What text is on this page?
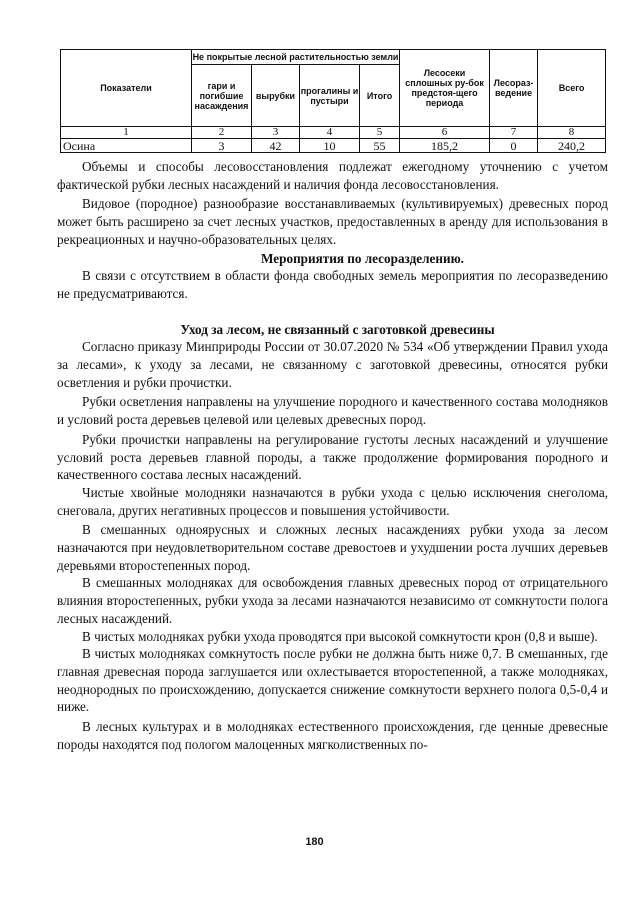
Показатели	Не покрытые лесной растительностью земли				Лесосеки сплошных ру-бок предстоя-щего периода	Лесораз-ведение	Всего
	гари и погибшие насаждения	вырубки	прогалины и пустыри	Итого			
1	2	3	4	5	6	7	8
Осина	3	42	10	55	185,2	0	240,2

Объемы и способы лесовосстановления подлежат ежегодному уточнению с учетом фактической рубки лесных насаждений и наличия фонда лесовосстановления.

Видовое (породное) разнообразие восстанавливаемых (культивируемых) древесных пород может быть расширено за счет лесных участков, предоставленных в аренду для использования в рекреационных и научно-образовательных целях.

Мероприятия по лесоразделению.

В связи с отсутствием в области фонда свободных земель мероприятия по лесоразведению не предусматриваются.

Уход за лесом, не связанный с заготовкой древесины

Согласно приказу Минприроды России от 30.07.2020 № 534 «Об утверждении Правил ухода за лесами», к уходу за лесами, не связанному с заготовкой древесины, относятся рубки осветления и рубки прочистки.

Рубки осветления направлены на улучшение породного и качественного состава молодняков и условий роста деревьев целевой или целевых древесных пород.

Рубки прочистки направлены на регулирование густоты лесных насаждений и улучшение условий роста деревьев главной породы, а также продолжение формирования породного и качественного состава лесных насаждений.

Чистые хвойные молодняки назначаются в рубки ухода с целью исключения снеголома, снеговала, других негативных процессов и повышения устойчивости.

В смешанных одноярусных и сложных лесных насаждениях рубки ухода за лесом назначаются при неудовлетворительном составе древостоев и ухудшении роста лучших деревьев деревьями второстепенных пород.

В смешанных молодняках для освобождения главных древесных пород от отрицательного влияния второстепенных, рубки ухода за лесами назначаются независимо от сомкнутости полога лесных насаждений.

В чистых молодняках рубки ухода проводятся при высокой сомкнутости крон (0,8 и выше).

В чистых молодняках сомкнутость после рубки не должна быть ниже 0,7. В смешанных, где главная древесная порода заглушается или охлестывается второстепенной, а также молодняках, неоднородных по происхождению, допускается снижение сомкнутости верхнего полога 0,5-0,4 и ниже.

В лесных культурах и в молодняках естественного происхождения, где ценные древесные породы находятся под пологом малоценных мягколиственных по-

180
